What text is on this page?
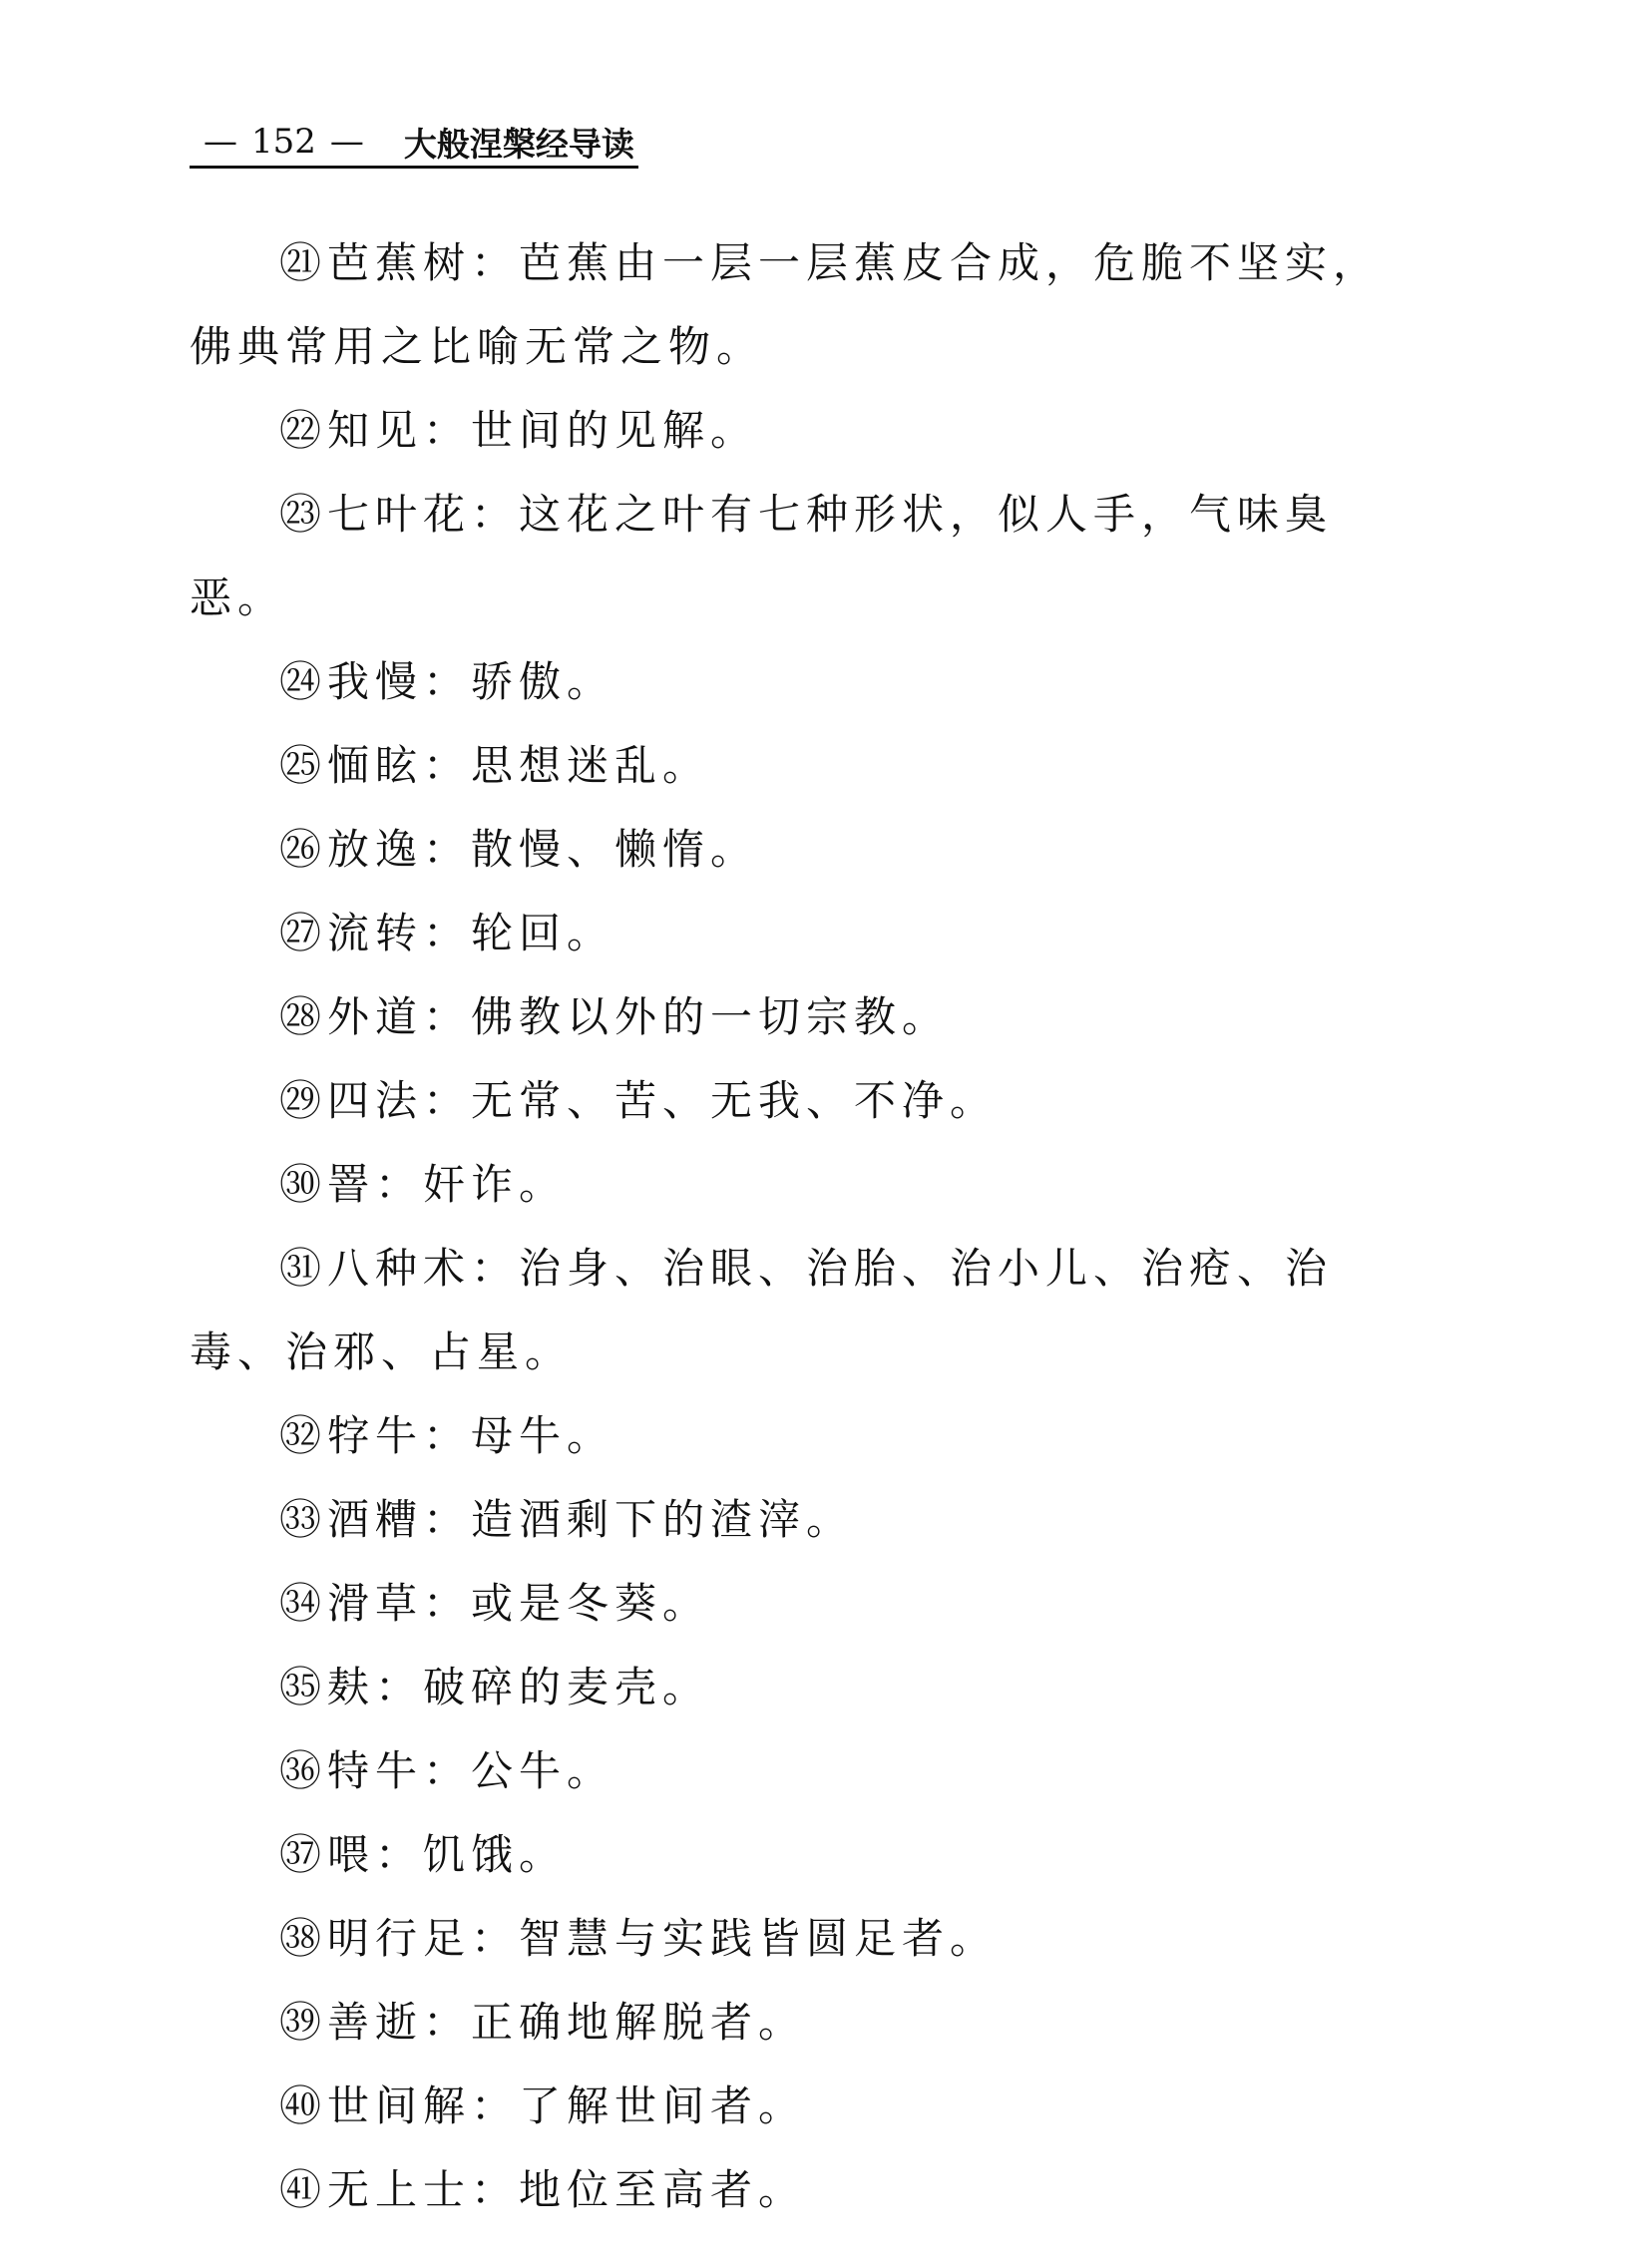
— 152 — 大般涅槃经导读

㉑芭蕉树：芭蕉由一层一层蕉皮合成，危脆不坚实，佛典常用之比喻无常之物。

㉒知见：世间的见解。

㉓七叶花：这花之叶有七种形状，似人手，气味臭恶。

㉔我慢：骄傲。

㉕愐眩：思想迷乱。

㉖放逸：散慢、懒惰。

㉗流转：轮回。

㉘外道：佛教以外的一切宗教。

㉙四法：无常、苦、无我、不净。

㉚罯：奸诈。

㉛八种术：治身、治眼、治胎、治小儿、治疮、治毒、治邪、占星。

㉜牸牛：母牛。

㉝酒糟：造酒剩下的渣滓。

㉞滑草：或是冬葵。

㉟麸：破碎的麦壳。

㊱特牛：公牛。

㊲喂：饥饿。

㊳明行足：智慧与实践皆圆足者。

㊴善逝：正确地解脱者。

㊵世间解：了解世间者。

㊶无上士：地位至高者。
